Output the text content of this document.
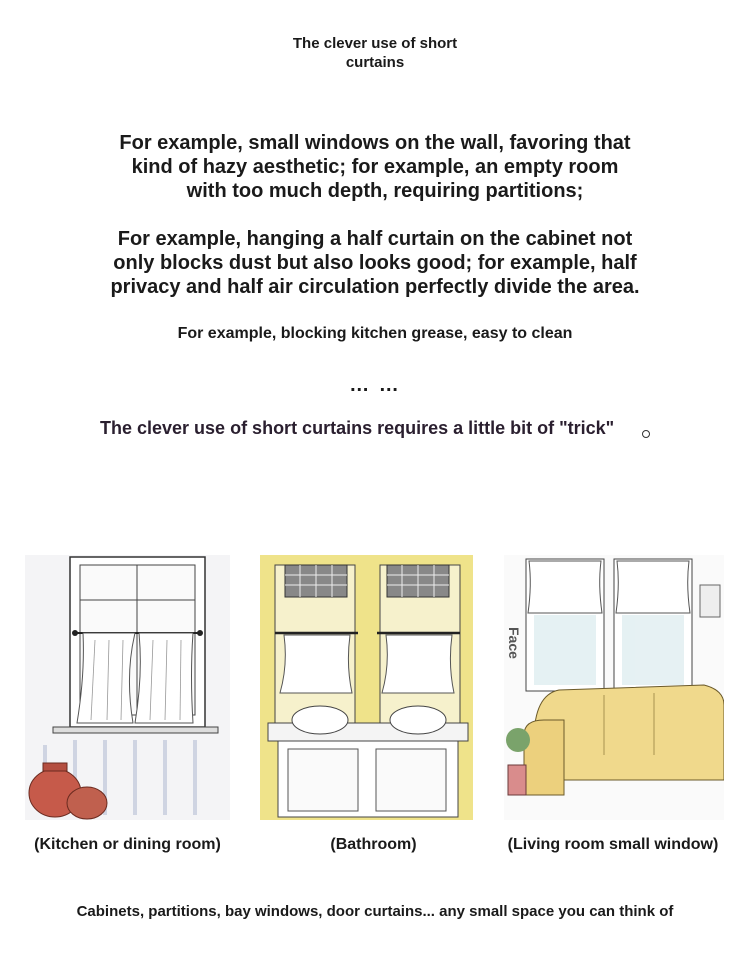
The clever use of short
curtains
For example, small windows on the wall, favoring that
kind of hazy aesthetic; for example, an empty room
with too much depth, requiring partitions;
For example, hanging a half curtain on the cabinet not
only blocks dust but also looks good; for example, half
privacy and half air circulation perfectly divide the area.
For example, blocking kitchen grease, easy to clean
… …
The clever use of short curtains requires a little bit of "trick"
Face
(Kitchen or dining room)	(Bathroom)	(Living room small window)
Cabinets, partitions, bay windows, door curtains... any small space you can think of
